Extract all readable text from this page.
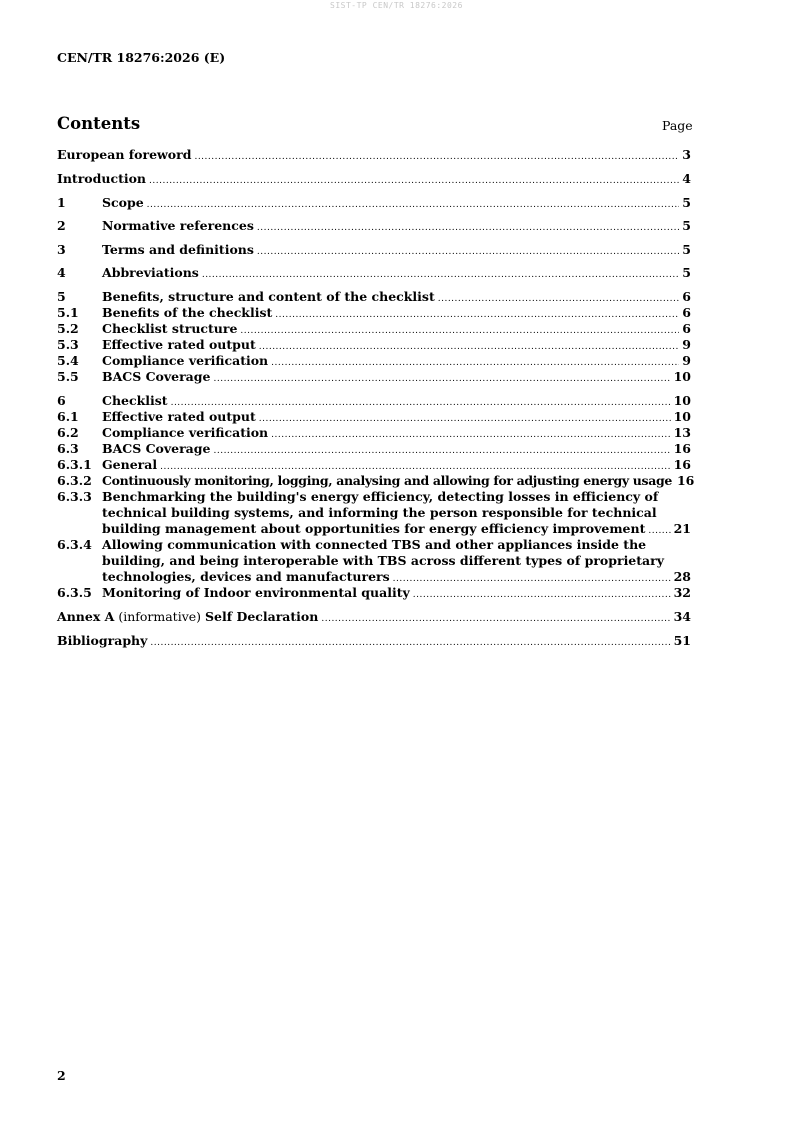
SIST-TP CEN/TR 18276:2026
CEN/TR 18276:2026 (E)
Contents	Page
European foreword .....	3
Introduction .....	4
1	Scope .....	5
2	Normative references .....	5
3	Terms and definitions .....	5
4	Abbreviations .....	5
5	Benefits, structure and content of the checklist .....	6
5.1	Benefits of the checklist .....	6
5.2	Checklist structure .....	6
5.3	Effective rated output .....	9
5.4	Compliance verification .....	9
5.5	BACS Coverage .....	10
6	Checklist .....	10
6.1	Effective rated output .....	10
6.2	Compliance verification .....	13
6.3	BACS Coverage .....	16
6.3.1 General .....	16
6.3.2 Continuously monitoring, logging, analysing and allowing for adjusting energy usage 16
6.3.3 Benchmarking the building's energy efficiency, detecting losses in efficiency of
technical building systems, and informing the person responsible for technical
building management about opportunities for energy efficiency improvement ..... 21
6.3.4 Allowing communication with connected TBS and other appliances inside the
building, and being interoperable with TBS across different types of proprietary
technologies, devices and manufacturers .....	28
6.3.5 Monitoring of Indoor environmental quality .....	32
Annex A (informative) Self Declaration .....	34
Bibliography .....	51
2
